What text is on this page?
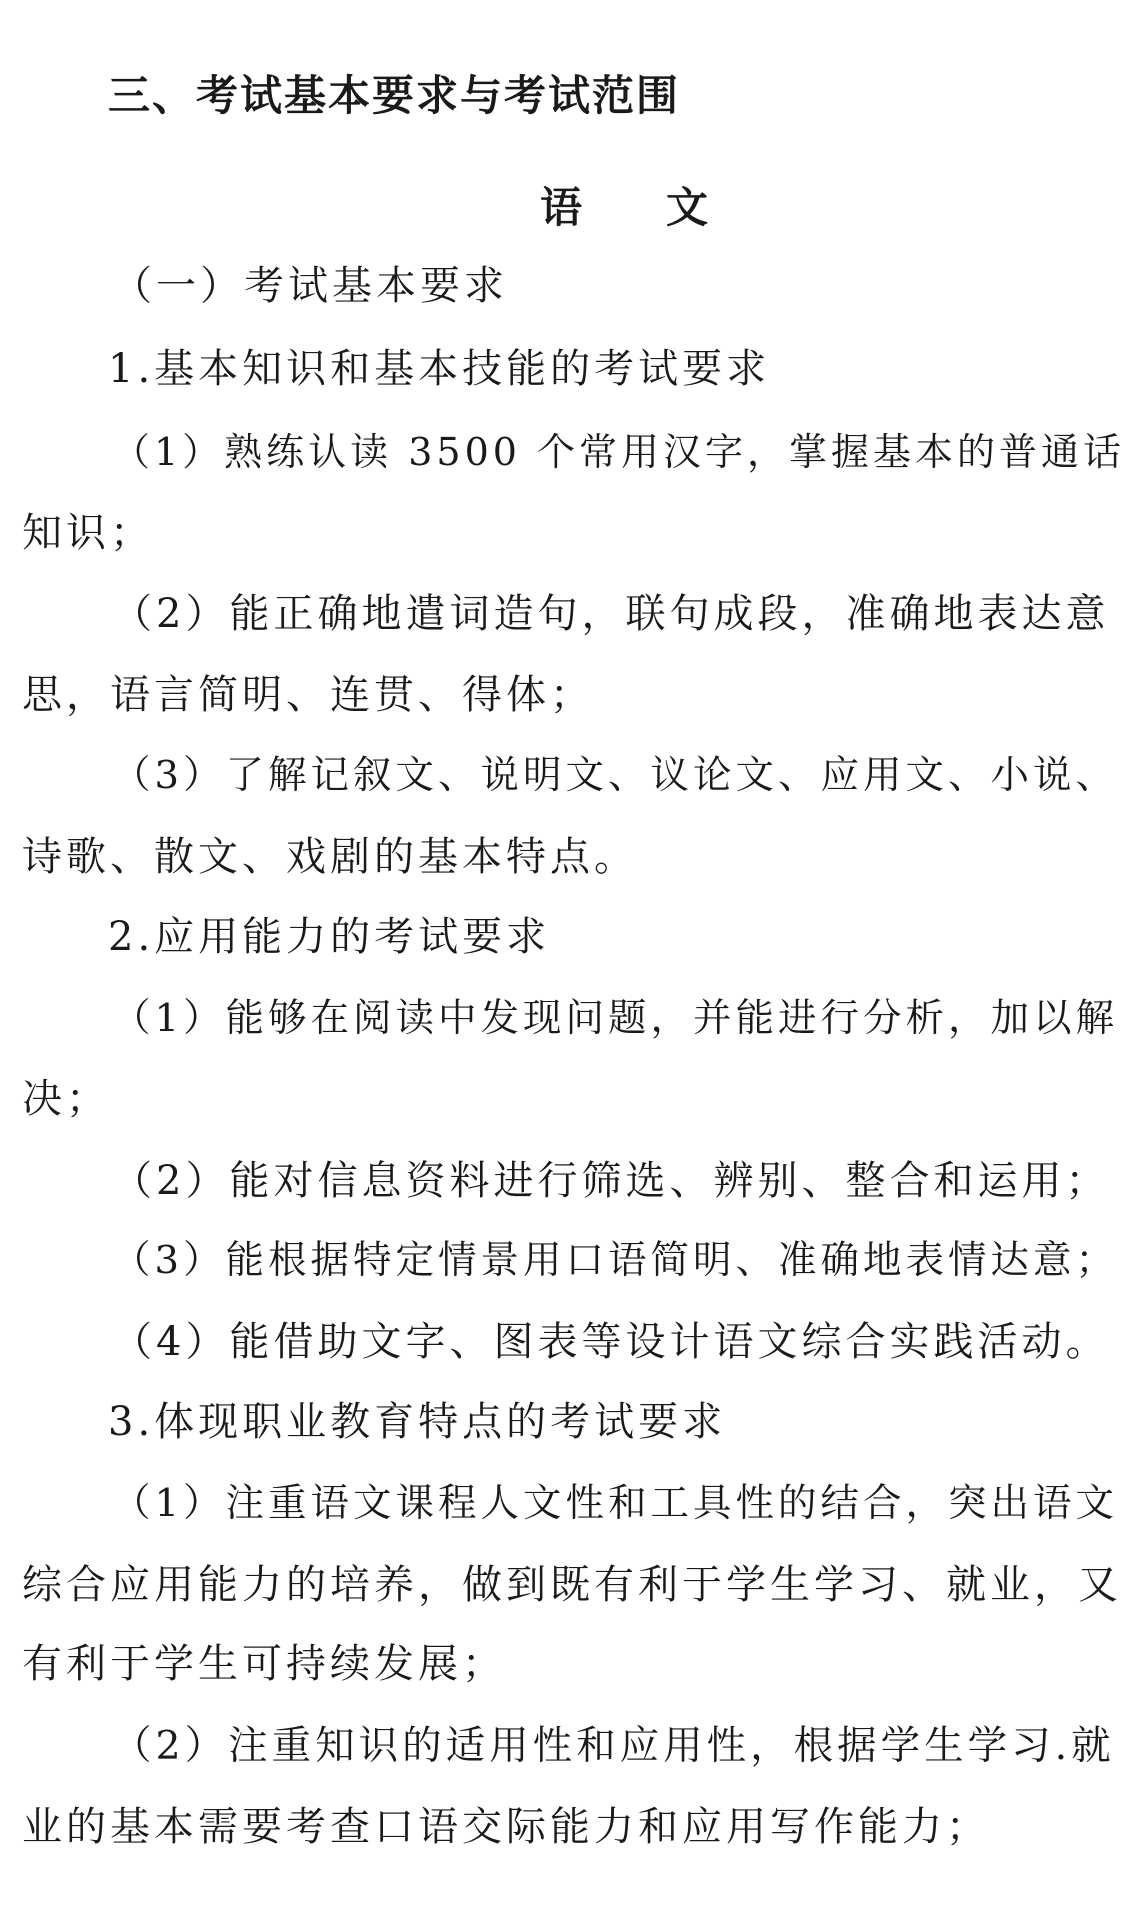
三、考试基本要求与考试范围
语　　文
（一）考试基本要求
1.基本知识和基本技能的考试要求
（1）熟练认读 3500 个常用汉字，掌握基本的普通话
知识；
（2）能正确地遣词造句，联句成段，准确地表达意
思，语言简明、连贯、得体；
（3）了解记叙文、说明文、议论文、应用文、小说、
诗歌、散文、戏剧的基本特点。
2.应用能力的考试要求
（1）能够在阅读中发现问题，并能进行分析，加以解
决；
（2）能对信息资料进行筛选、辨别、整合和运用；
（3）能根据特定情景用口语简明、准确地表情达意；
（4）能借助文字、图表等设计语文综合实践活动。
3.体现职业教育特点的考试要求
（1）注重语文课程人文性和工具性的结合，突出语文
综合应用能力的培养，做到既有利于学生学习、就业，又
有利于学生可持续发展；
（2）注重知识的适用性和应用性，根据学生学习.就
业的基本需要考查口语交际能力和应用写作能力；
